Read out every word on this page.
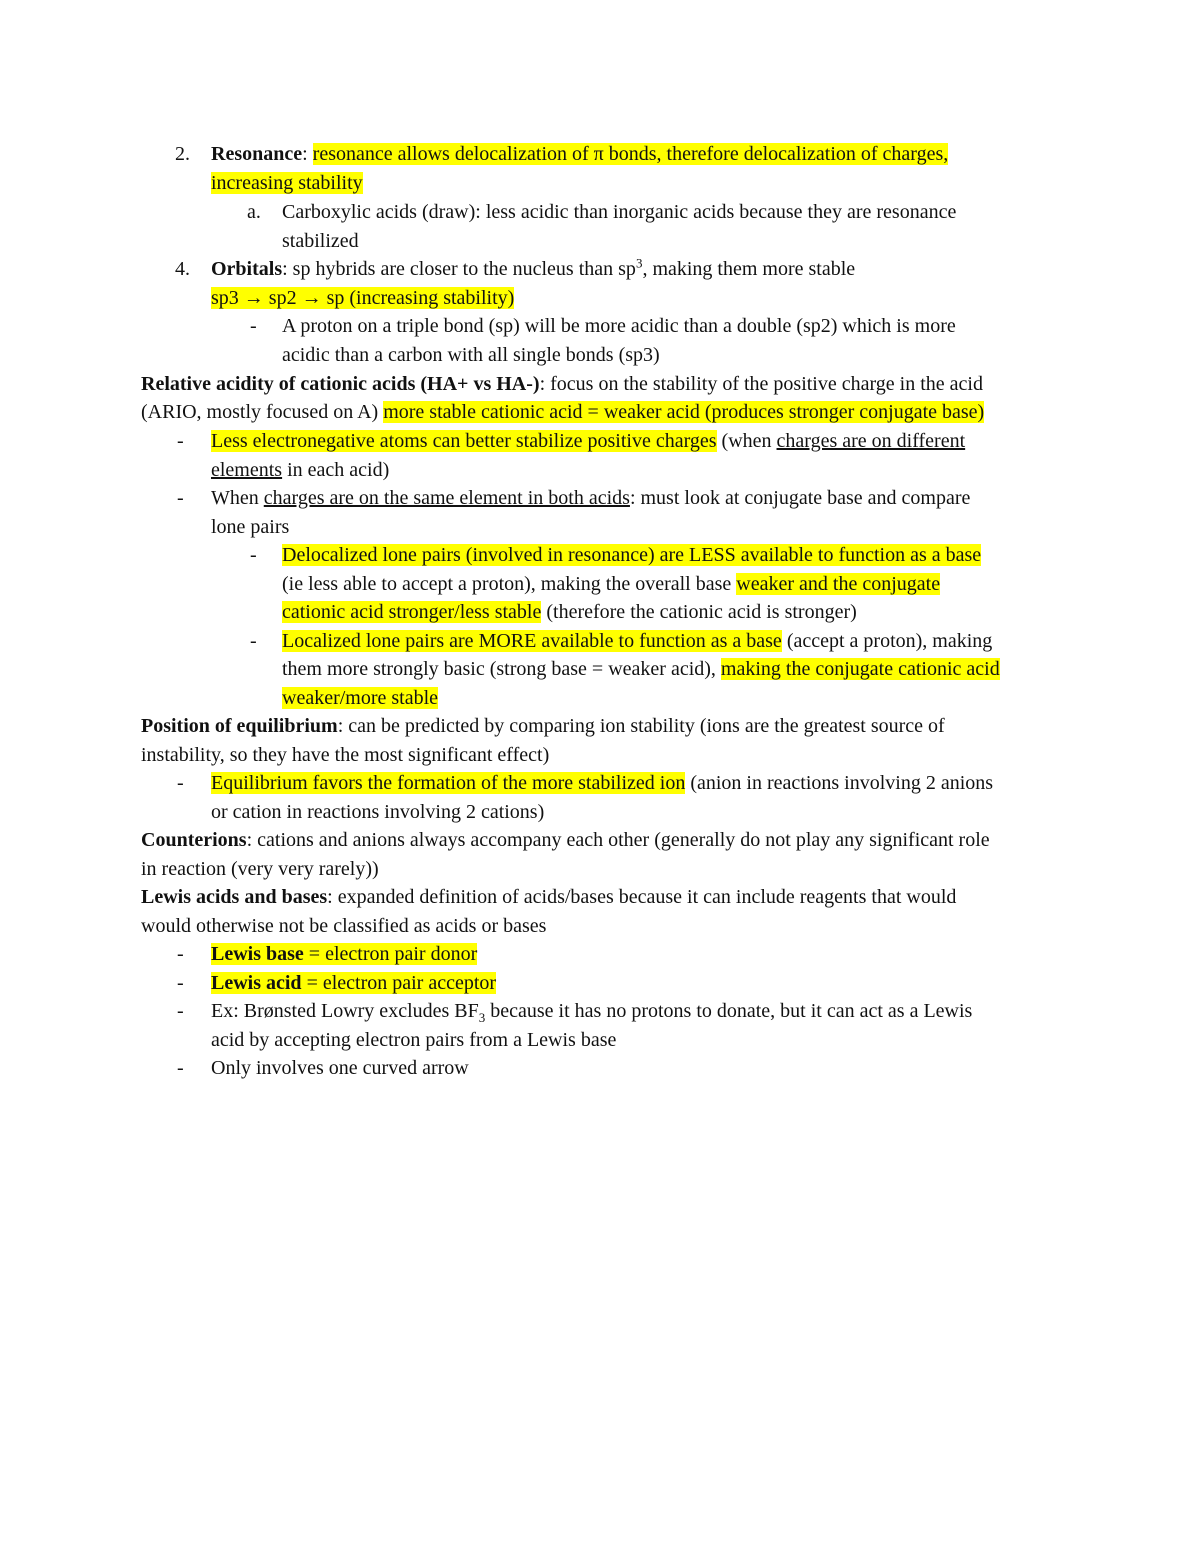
2. Resonance: resonance allows delocalization of π bonds, therefore delocalization of charges,
increasing stability
a. Carboxylic acids (draw): less acidic than inorganic acids because they are resonance
stabilized
4. Orbitals: sp hybrids are closer to the nucleus than $sp^3$, making them more stable
sp3 → sp2 → sp (increasing stability)
- A proton on a triple bond (sp) will be more acidic than a double (sp2) which is more
acidic than a carbon with all single bonds (sp3)
Relative acidity of cationic acids (HA+ vs HA-): focus on the stability of the positive charge in the acid
(ARIO, mostly focused on A) more stable cationic acid = weaker acid (produces stronger conjugate base)
- Less electronegative atoms can better stabilize positive charges (when charges are on different
elements in each acid)
- When charges are on the same element in both acids: must look at conjugate base and compare
lone pairs
- Delocalized lone pairs (involved in resonance) are LESS available to function as a base
(ie less able to accept a proton), making the overall base weaker and the conjugate
cationic acid stronger/less stable (therefore the cationic acid is stronger)
- Localized lone pairs are MORE available to function as a base (accept a proton), making
them more strongly basic (strong base = weaker acid), making the conjugate cationic acid
weaker/more stable
Position of equilibrium: can be predicted by comparing ion stability (ions are the greatest source of
instability, so they have the most significant effect)
- Equilibrium favors the formation of the more stabilized ion (anion in reactions involving 2 anions
or cation in reactions involving 2 cations)
Counterions: cations and anions always accompany each other (generally do not play any significant role
in reaction (very very rarely))
Lewis acids and bases: expanded definition of acids/bases because it can include reagents that would
would otherwise not be classified as acids or bases
- Lewis base = electron pair donor
- Lewis acid = electron pair acceptor
- Ex: Brønsted Lowry excludes $BF_3$ because it has no protons to donate, but it can act as a Lewis
acid by accepting electron pairs from a Lewis base
- Only involves one curved arrow
